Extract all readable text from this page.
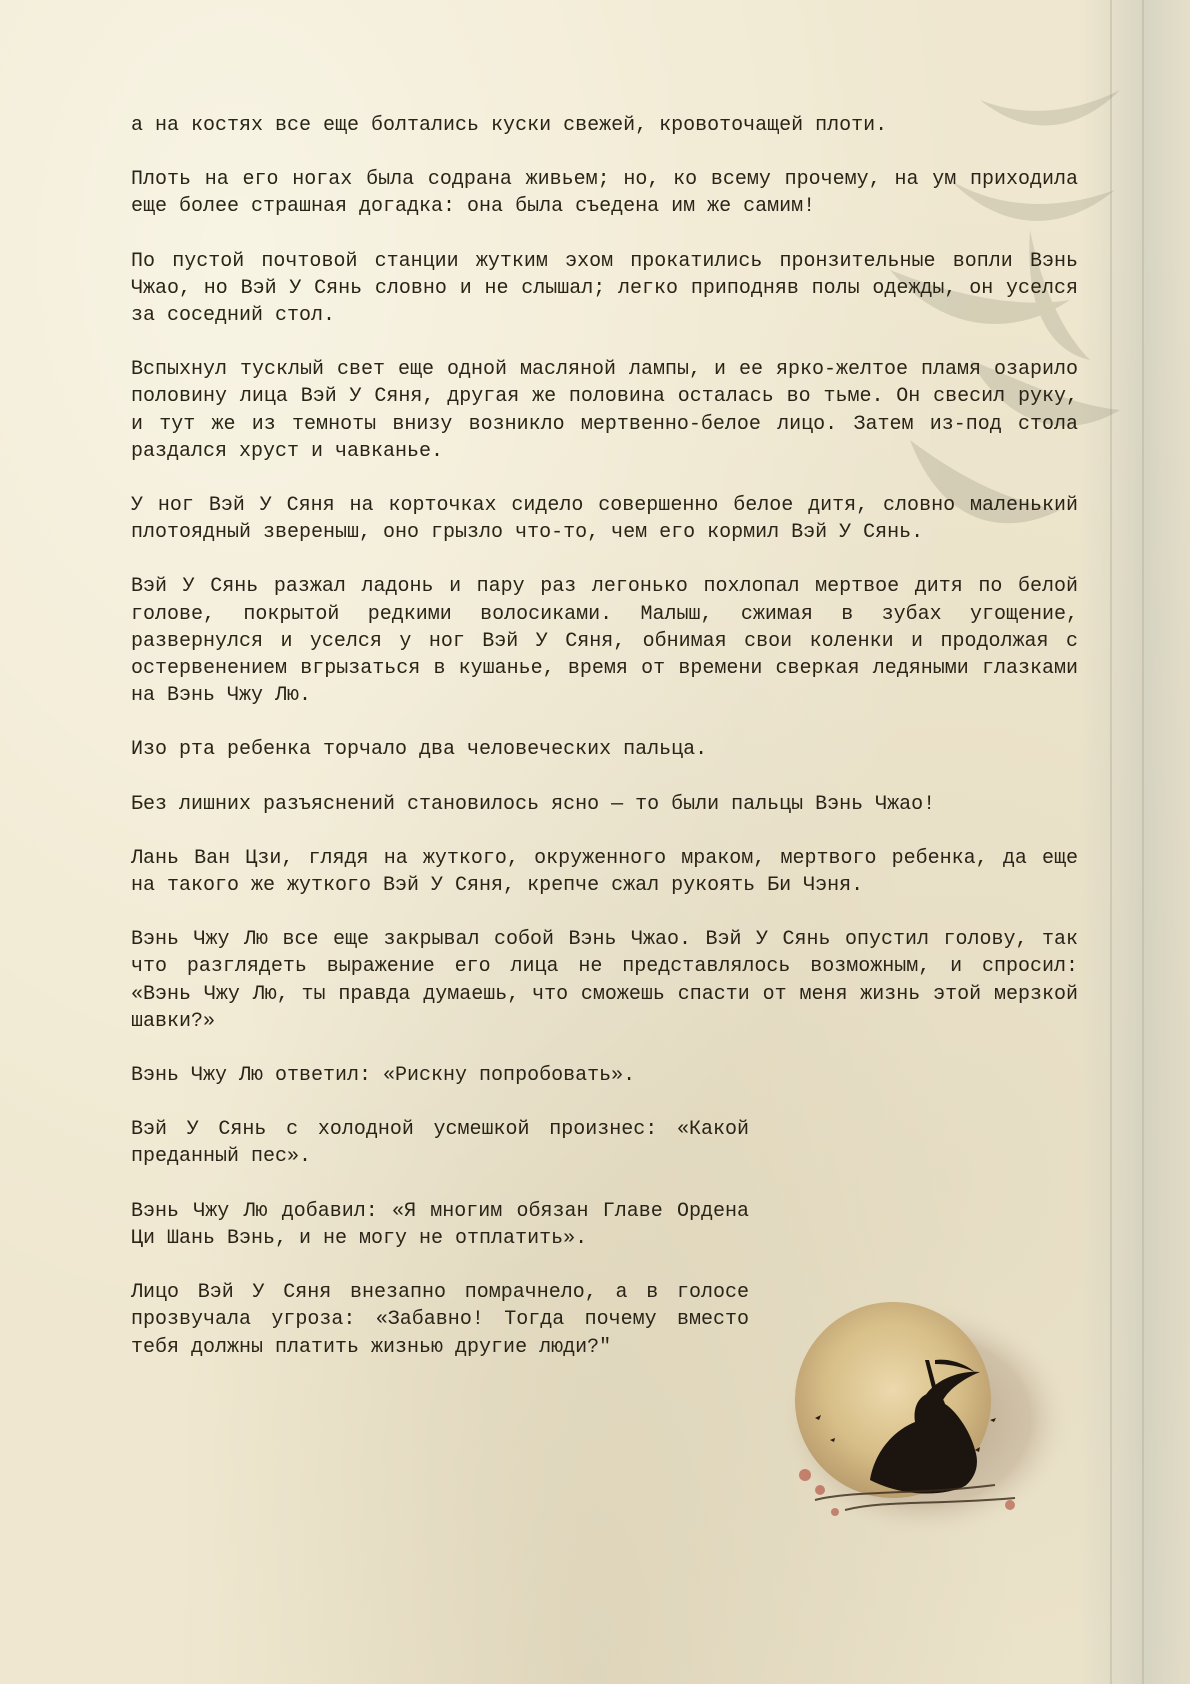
а на костях все еще болтались куски свежей, кровоточащей плоти.

Плоть на его ногах была содрана живьем; но, ко всему прочему, на ум приходила еще более страшная догадка: она была съедена им же самим!

По пустой почтовой станции жутким эхом прокатились пронзительные вопли Вэнь Чжао, но Вэй У Сянь словно и не слышал; легко приподняв полы одежды, он уселся за соседний стол.

Вспыхнул тусклый свет еще одной масляной лампы, и ее ярко-желтое пламя озарило половину лица Вэй У Сяня, другая же половина осталась во тьме. Он свесил руку, и тут же из темноты внизу возникло мертвенно-белое лицо. Затем из-под стола раздался хруст и чавканье.

У ног Вэй У Сяня на корточках сидело совершенно белое дитя, словно маленький плотоядный звереныш, оно грызло что-то, чем его кормил Вэй У Сянь.

Вэй У Сянь разжал ладонь и пару раз легонько похлопал мертвое дитя по белой голове, покрытой редкими волосиками. Малыш, сжимая в зубах угощение, развернулся и уселся у ног Вэй У Сяня, обнимая свои коленки и продолжая с остервенением вгрызаться в кушанье, время от времени сверкая ледяными глазками на Вэнь Чжу Лю.

Изо рта ребенка торчало два человеческих пальца.

Без лишних разъяснений становилось ясно — то были пальцы Вэнь Чжао!

Лань Ван Цзи, глядя на жуткого, окруженного мраком, мертвого ребенка, да еще на такого же жуткого Вэй У Сяня, крепче сжал рукоять Би Чэня.

Вэнь Чжу Лю все еще закрывал собой Вэнь Чжао. Вэй У Сянь опустил голову, так что разглядеть выражение его лица не представлялось возможным, и спросил: «Вэнь Чжу Лю, ты правда думаешь, что сможешь спасти от меня жизнь этой мерзкой шавки?»

Вэнь Чжу Лю ответил: «Рискну попробовать».

Вэй У Сянь с холодной усмешкой произнес: «Какой преданный пес».

Вэнь Чжу Лю добавил: «Я многим обязан Главе Ордена Ци Шань Вэнь, и не могу не отплатить».

Лицо Вэй У Сяня внезапно помрачнело, а в голосе прозвучала угроза: «Забавно! Тогда почему вместо тебя должны платить жизнью другие люди?"
